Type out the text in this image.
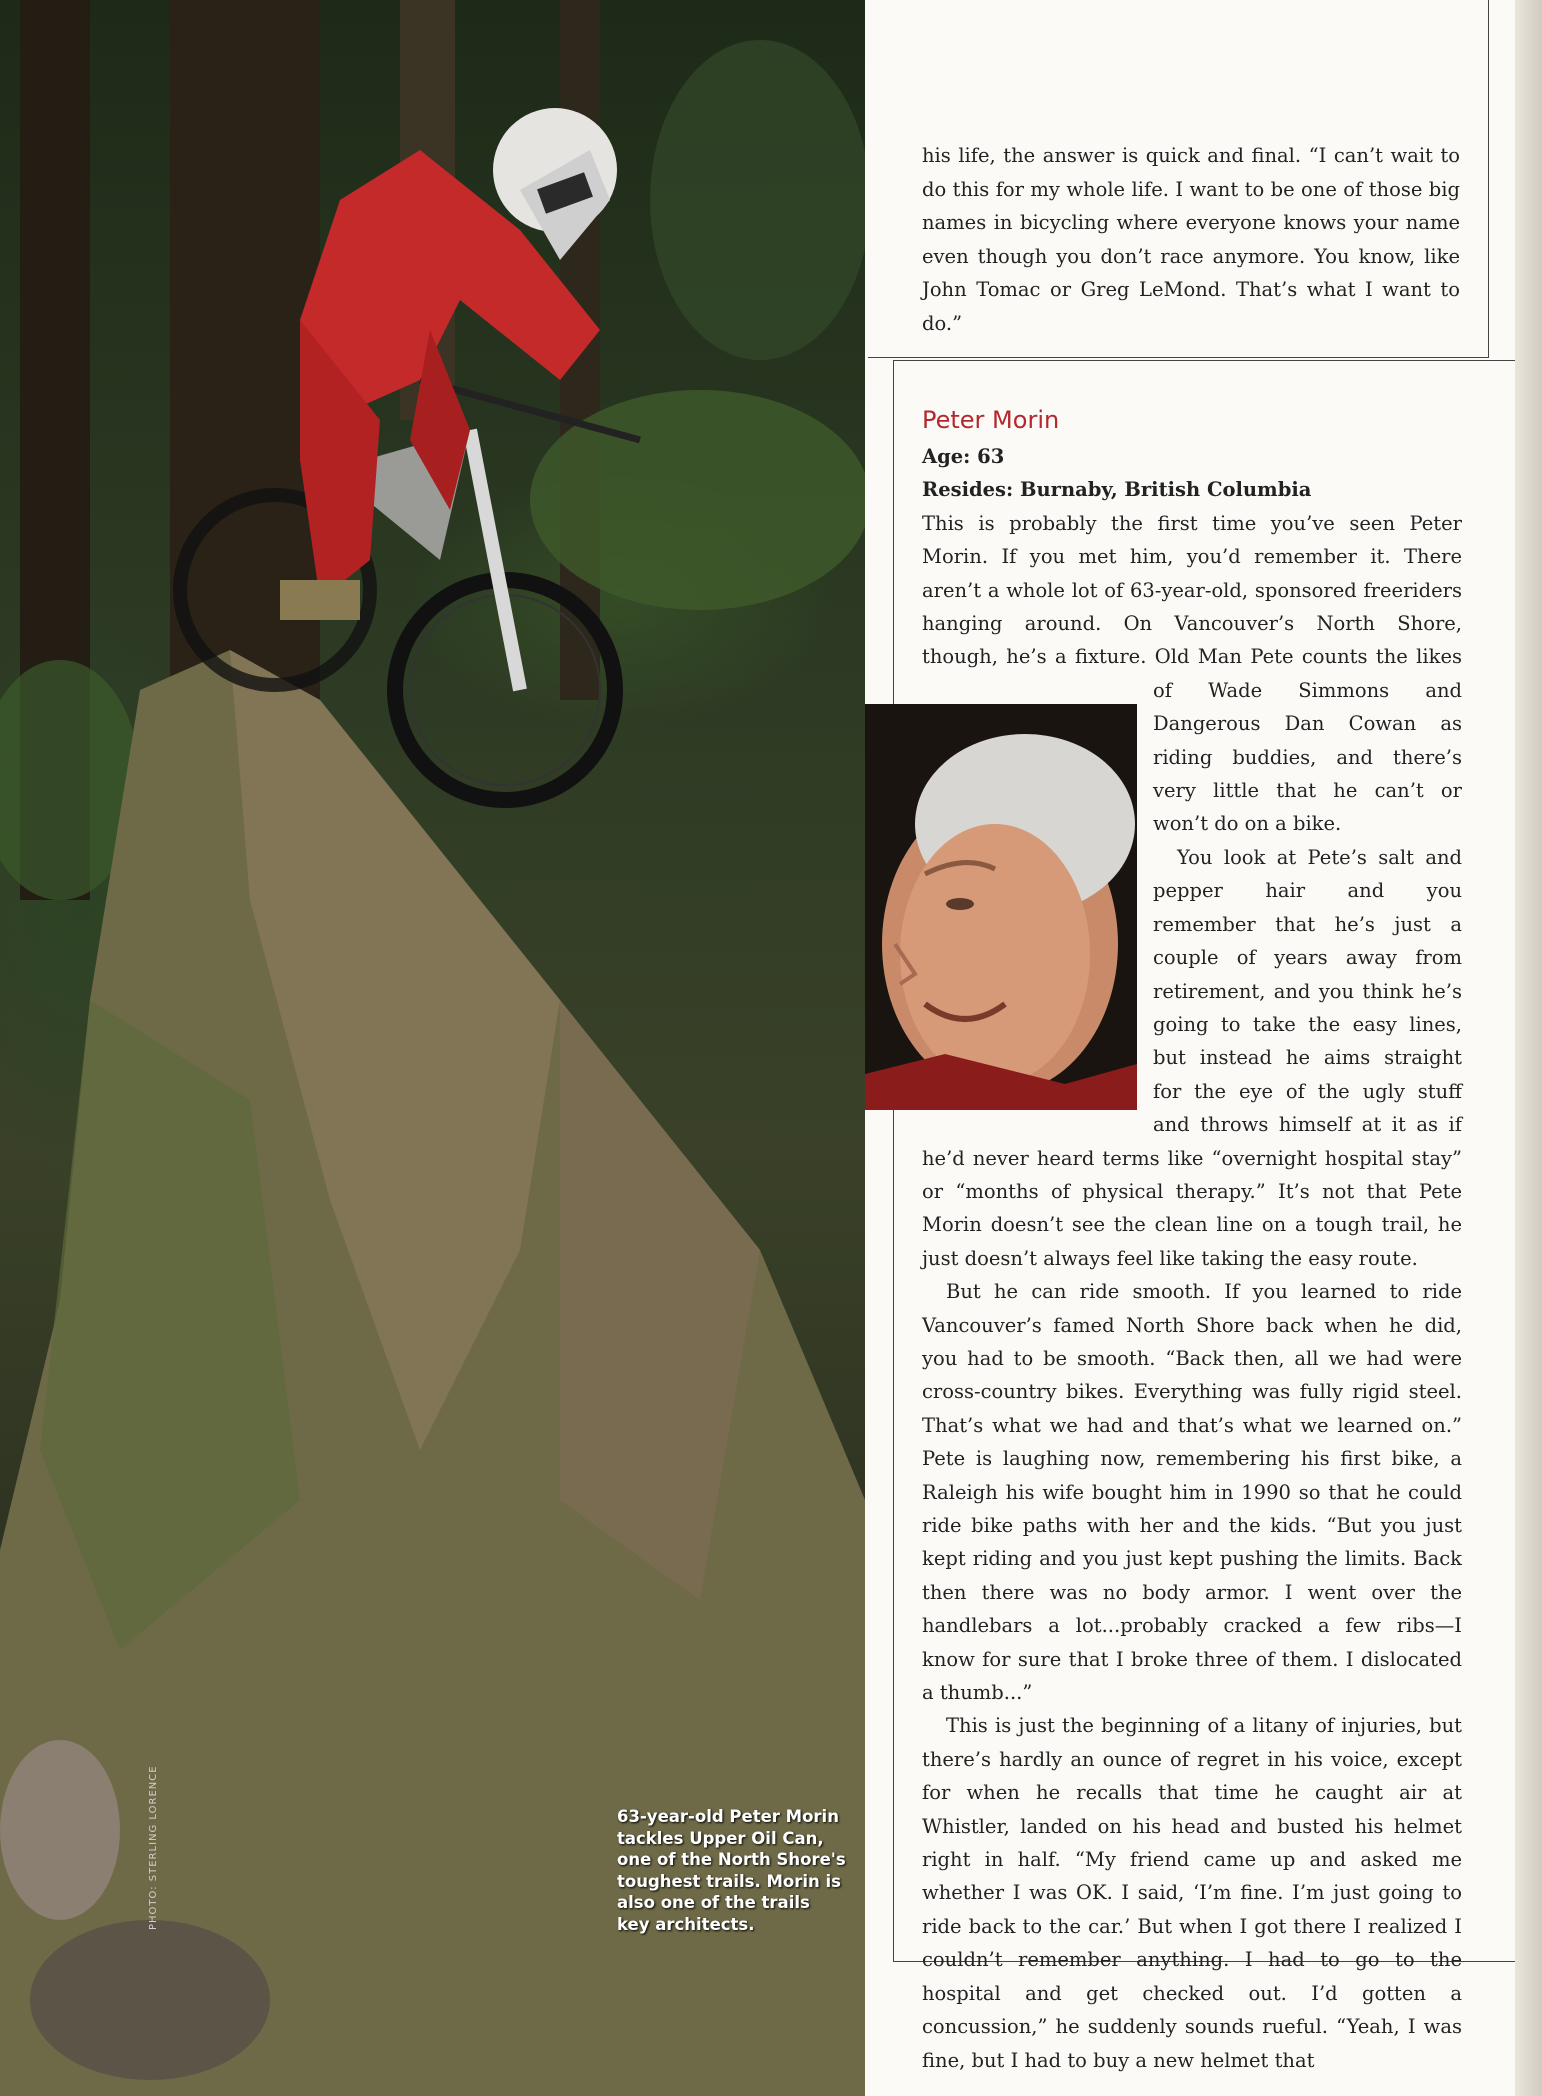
63-year-old Peter Morin tackles Upper Oil Can, one of the North Shore's toughest trails. Morin is also one of the trails key architects.
PHOTO: STERLING LORENCE
his life, the answer is quick and final. “I can’t wait to do this for my whole life. I want to be one of those big names in bicycling where everyone knows your name even though you don’t race anymore. You know, like John Tomac or Greg LeMond. That’s what I want to do.”

Peter Morin

Age: 63

Resides: Burnaby, British Columbia

This is probably the first time you’ve seen Peter Morin. If you met him, you’d remember it. There aren’t a whole lot of 63-year-old, sponsored freeriders hanging around. On Vancouver’s North Shore, though, he’s a fixture. Old Man Pete counts the likes of Wade Simmons and Dangerous Dan Cowan as riding buddies, and there’s very little that he can’t or won’t do on a bike.

You look at Pete’s salt and pepper hair and you remember that he’s just a couple of years away from retirement, and you think he’s going to take the easy lines, but instead he aims straight for the eye of the ugly stuff and throws himself at it as if he’d never heard terms like “overnight hospital stay” or “months of physical therapy.” It’s not that Pete Morin doesn’t see the clean line on a tough trail, he just doesn’t always feel like taking the easy route.

But he can ride smooth. If you learned to ride Vancouver’s famed North Shore back when he did, you had to be smooth. “Back then, all we had were cross-country bikes. Everything was fully rigid steel. That’s what we had and that’s what we learned on.” Pete is laughing now, remembering his first bike, a Raleigh his wife bought him in 1990 so that he could ride bike paths with her and the kids. “But you just kept riding and you just kept pushing the limits. Back then there was no body armor. I went over the handlebars a lot...probably cracked a few ribs—I know for sure that I broke three of them. I dislocated a thumb...”

This is just the beginning of a litany of injuries, but there’s hardly an ounce of regret in his voice, except for when he recalls that time he caught air at Whistler, landed on his head and busted his helmet right in half. “My friend came up and asked me whether I was OK. I said, ‘I’m fine. I’m just going to ride back to the car.’ But when I got there I realized I couldn’t remember anything. I had to go to the hospital and get checked out. I’d gotten a concussion,” he suddenly sounds rueful. “Yeah, I was fine, but I had to buy a new helmet that
